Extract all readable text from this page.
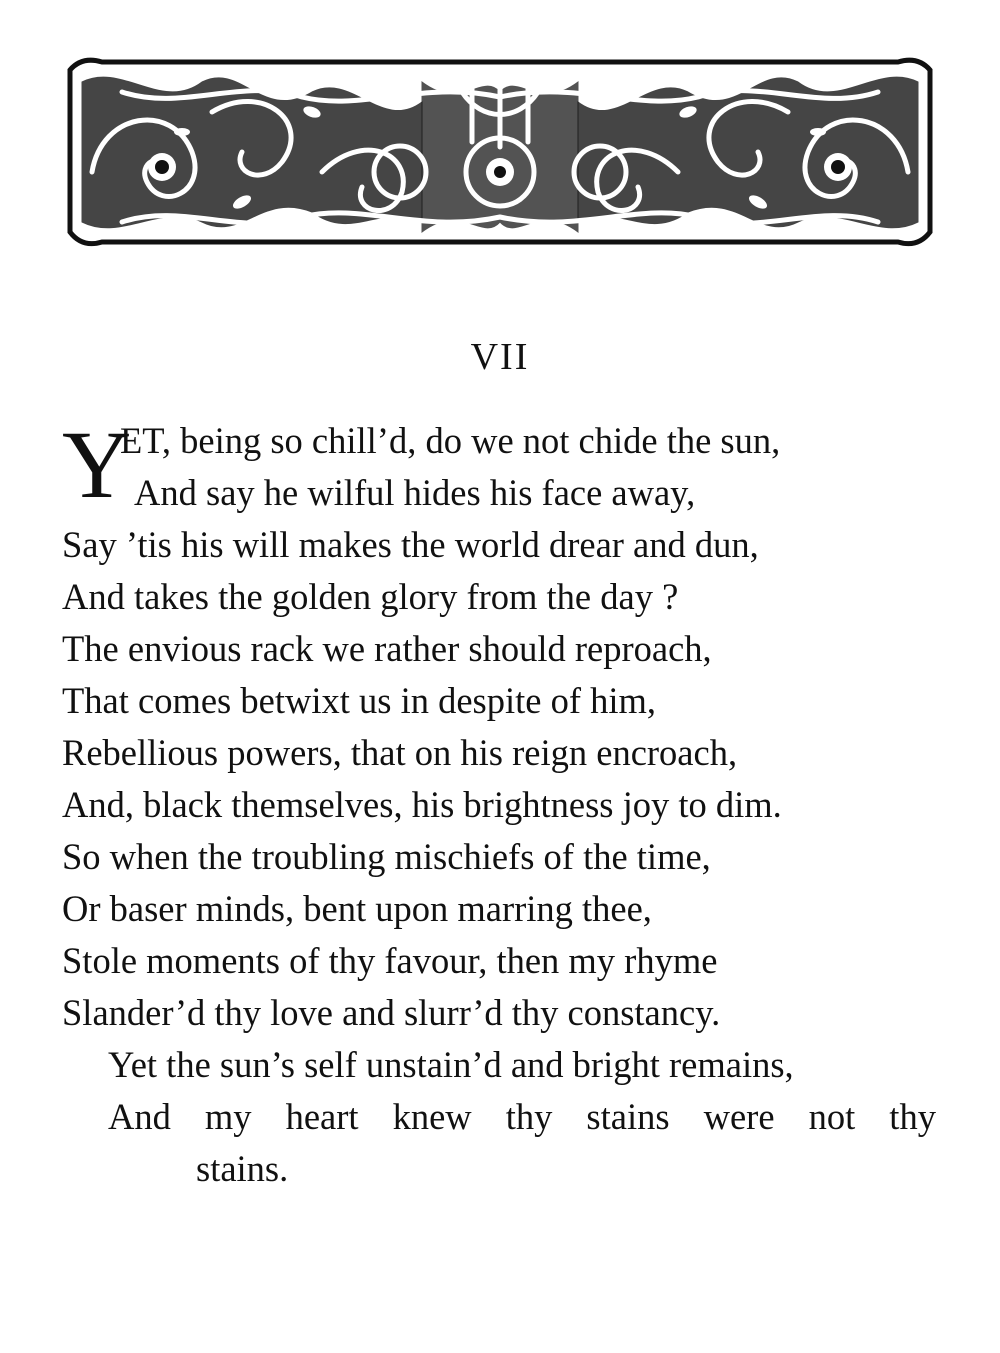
VII
Y
ET, being so chill’d, do we not chide the sun,
And say he wilful hides his face away,
Say ’tis his will makes the world drear and dun,
And takes the golden glory from the day ?
The envious rack we rather should reproach,
That comes betwixt us in despite of him,
Rebellious powers, that on his reign encroach,
And, black themselves, his brightness joy to dim.
So when the troubling mischiefs of the time,
Or baser minds, bent upon marring thee,
Stole moments of thy favour, then my rhyme
Slander’d thy love and slurr’d thy constancy.
Yet the sun’s self unstain’d and bright remains,
And my heart knew thy stains were not thy
stains.
